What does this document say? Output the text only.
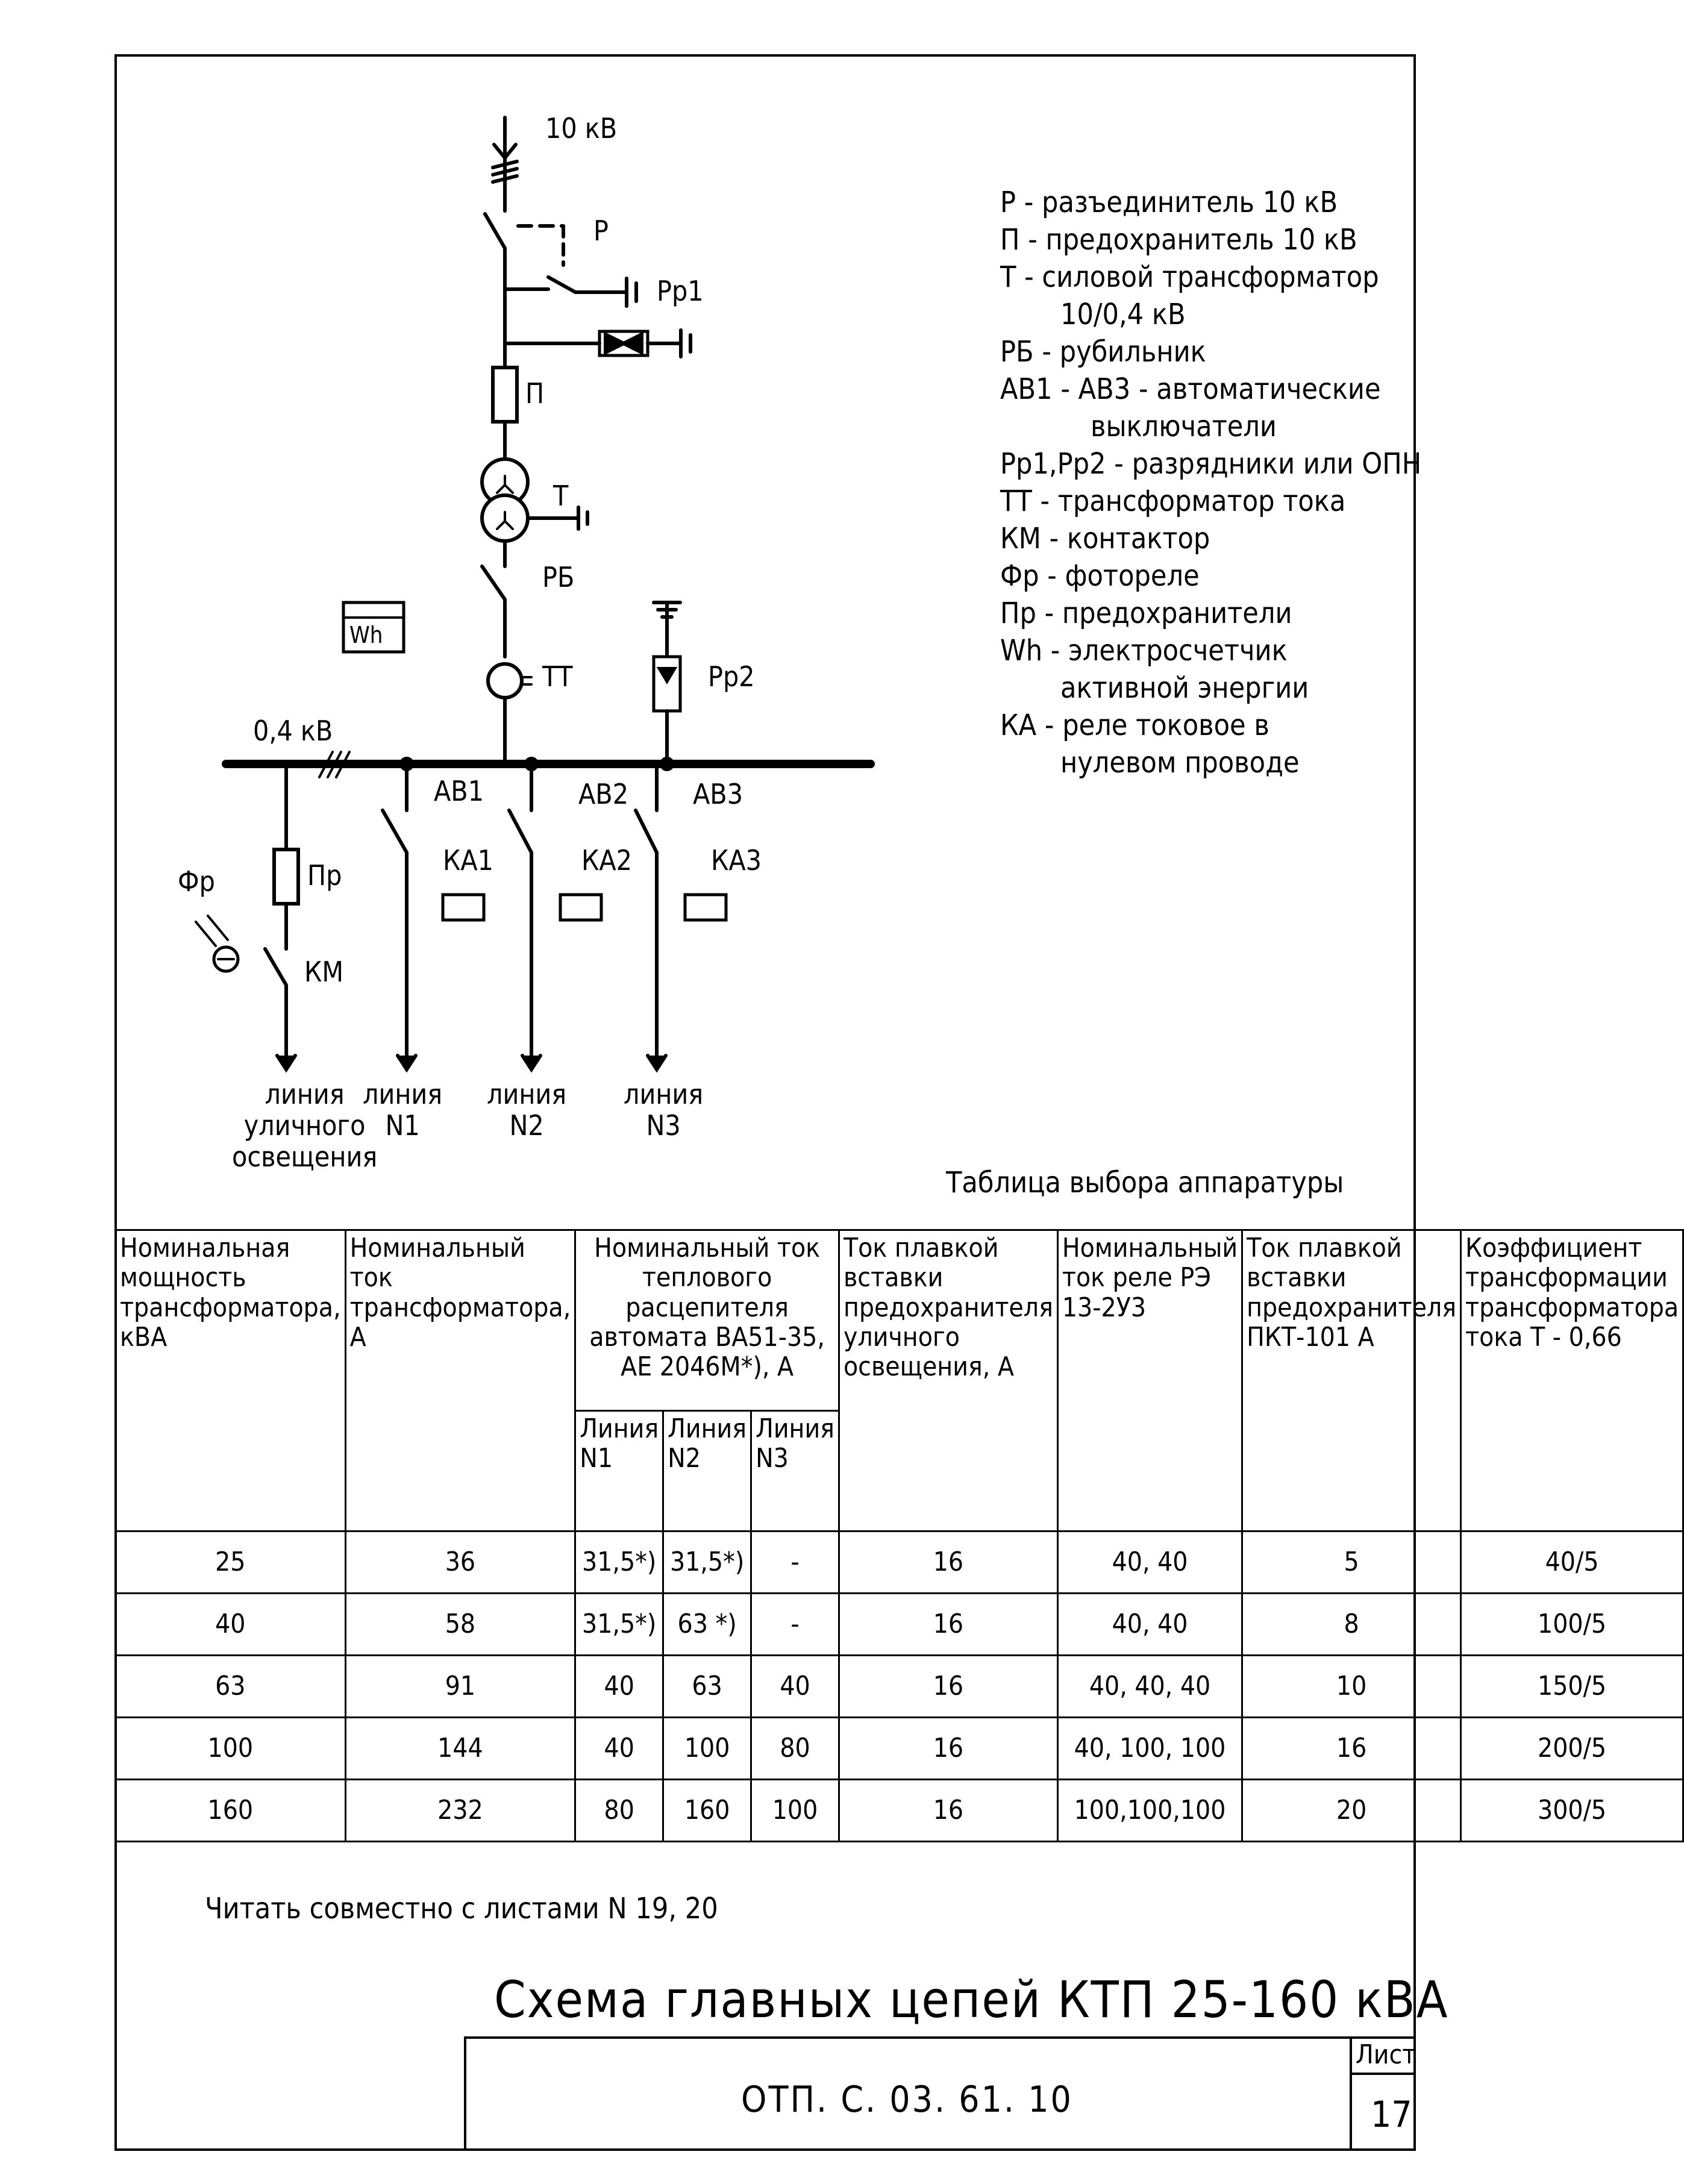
10 кВ
Р
Рр1
П
Т
РБ
Wh
ТТ	Рр2
0,4 кВ
АВ1	АВ2 АВ3
КА1	КА2	КА3
Фр	Пр
КМ
линия
уличного
освещения
линия
N1
линия
N2
линия
N3
Р - разъединитель 10 кВ
П - предохранитель 10 кВ
Т - силовой трансформатор
10/0,4 кВ
РБ - рубильник
АВ1 - АВ3 - автоматические
выключатели
Рр1,Рр2 - разрядники или ОПН
ТТ - трансформатор тока
КМ - контактор
Фр - фотореле
Пр - предохранители
Wh - электросчетчик
активной энергии
КА - реле токовое в
нулевом проводе
Таблица выбора аппаратуры
Номинальная мощность трансформатора, кВА	Номинальный ток трансформатора, А	Номинальный ток теплового расцепителя автомата ВА51-35, АЕ 2046М*), А			Ток плавкой вставки предохранителя уличного освещения, А	Номинальный ток реле РЭ 13-2У3	Ток плавкой вставки предохранителя ПКТ-101 А	Коэффициент трансформации трансформатора тока Т - 0,66
		Линия N1	Линия N2	Линия N3				
25	36	31,5*)	31,5*)	-	16	40, 40	5	40/5
40	58	31,5*)	63 *)	-	16	40, 40	8	100/5
63	91	40	63	40	16	40, 40, 40	10	150/5
100	144	40	100	80	16	40, 100, 100	16	200/5
160	232	80	160	100	16	100,100,100	20	300/5
Читать совместно с листами N 19, 20
Схема главных цепей КТП 25-160 кВА
ОТП. С. 03. 61. 10
Лист
17
